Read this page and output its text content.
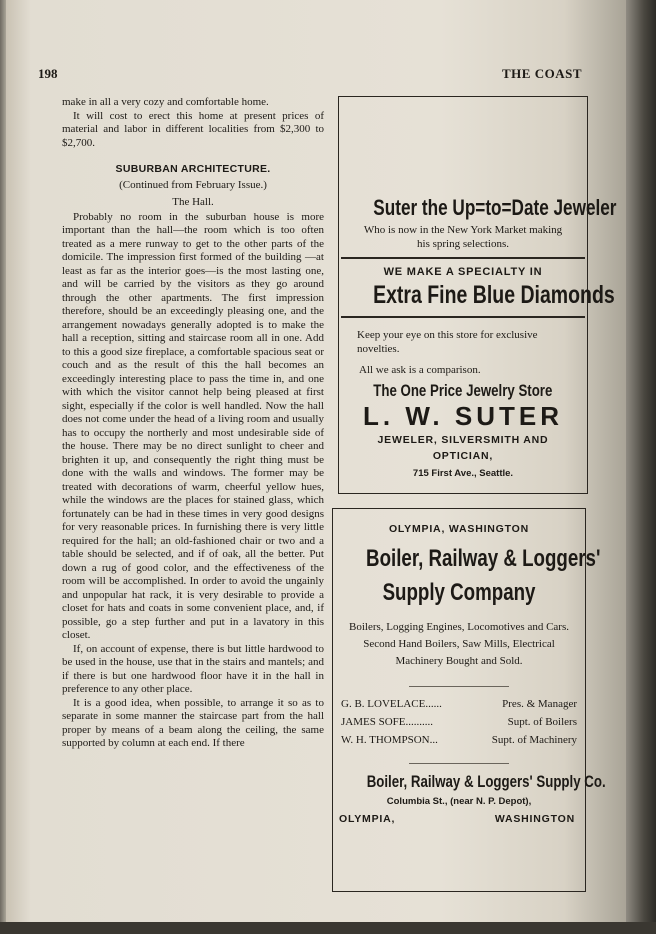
198	THE COAST

make in all a very cozy and comfortable home.

It will cost to erect this home at present prices of material and labor in different localities from $2,300 to $2,700.

SUBURBAN ARCHITECTURE.
(Continued from February Issue.)
The Hall.

Probably no room in the suburban house is more important than the hall—the room which is too often treated as a mere runway to get to the other parts of the domicile. The impression first formed of the building —at least as far as the interior goes—is the most lasting one, and will be carried by the visitors as they go around through the other apartments. The first impression therefore, should be an exceedingly pleasing one, and the arrangement nowadays generally adopted is to make the hall a reception, sitting and staircase room all in one. Add to this a good size fireplace, a comfortable spacious seat or couch and as the result of this the hall becomes an exceedingly interesting place to pass the time in, and one with which the visitor cannot help being pleased at first sight, especially if the color is well handled. Now the hall does not come under the head of a living room and usually has to occupy the northerly and most undesirable side of the house. There may be no direct sunlight to cheer and brighten it up, and consequently the right thing must be done with the walls and windows. The former may be treated with decorations of warm, cheerful yellow hues, while the windows are the places for stained glass, which fortunately can be had in these times in very good designs for very reasonable prices. In furnishing there is very little required for the hall; an old-fashioned chair or two and a table should be selected, and if of oak, all the better. Put down a rug of good color, and the effectiveness of the room will be accomplished. In order to avoid the ungainly and unpopular hat rack, it is very desirable to provide a closet for hats and coats in some convenient place, and, if possible, go a step further and put in a lavatory in this closet.

If, on account of expense, there is but little hardwood to be used in the house, use that in the stairs and mantels; and if there is but one hardwood floor have it in the hall in preference to any other place.

It is a good idea, when possible, to arrange it so as to separate in some manner the staircase part from the hall proper by means of a beam along the ceiling, the same supported by column at each end. If there

Suter the Up=to=Date Jeweler
Who is now in the New York Market making his spring selections.
WE MAKE A SPECIALTY IN
Extra Fine Blue Diamonds
Keep your eye on this store for exclusive novelties.
All we ask is a comparison.
The One Price Jewelry Store
L. W. SUTER
JEWELER, SILVERSMITH AND OPTICIAN,
715 First Ave., Seattle.
OLYMPIA, WASHINGTON
Boiler, Railway & Loggers'
Supply Company
Boilers, Logging Engines, Locomotives and Cars. Second Hand Boilers, Saw Mills, Electrical Machinery Bought and Sold.
G. B. LOVELACE ......	Pres. & Manager
JAMES SOFE ..........	Supt. of Boilers
W. H. THOMPSON ...	Supt. of Machinery
Boiler, Railway & Loggers' Supply Co.
Columbia St., (near N. P. Depot),
OLYMPIA,	WASHINGTON
